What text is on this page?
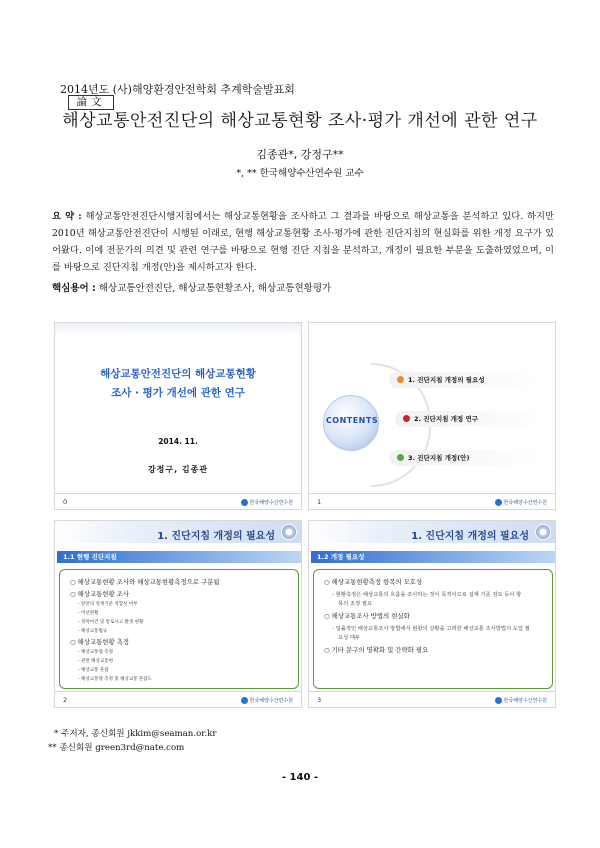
2014년도 (사)해양환경안전학회 추계학술발표회
論文
해상교통안전진단의 해상교통현황 조사·평가 개선에 관한 연구
김종관*, 강정구**
*, ** 한국해양수산연수원 교수
요 약 : 해상교통안전진단시행지침에서는 해상교통현황을 조사하고 그 결과를 바탕으로 해상교통을 분석하고 있다. 하지만 2010년 해상교통안전진단이 시행된 이래로, 현행 해상교통현황 조사·평가에 관한 진단지침의 현실화를 위한 개정 요구가 있어왔다. 이에 전문가의 의견 및 관련 연구를 바탕으로 현행 진단 지침을 분석하고, 개정이 필요한 부분을 도출하였었으며, 이를 바탕으로 진단지침 개정(안)을 제시하고자 한다.
핵심용어 : 해상교통안전진단, 해상교통현황조사, 해상교통현황평가
해상교통안전진단의 해상교통현황
조사 · 평가 개선에 관한 연구
2014. 11.
강정구, 김종관
0	한국해양수산연수원
CONTENTS
1. 진단지침 개정의 필요성
2. 진단지침 개정 연구
3. 진단지침 개정(안)
1	한국해양수산연수원
1. 진단지침 개정의 필요성
1.1 현행 진단지침
○ 해상교통현황 조사와 해상교통현황측정으로 구분됨
○ 해상교통현황 조사
- 항만의 설계기준 적합성 여부
- 어선현황
- 정박여건 및 항로사고 발생 현황
- 해상교통법규
○ 해상교통현황 측정
- 해상교통량 측정
- 관련 해상교통현
- 해상교통 혼잡
- 해상교통량 측정 및 해상교통 혼잡도
2	한국해양수산연수원
1. 진단지침 개정의 필요성
1.2 개정 필요성
○ 해상교통현황측정 항목의 모호성
- 현황측정은 해상교통의 흐름을 조사하는 것이 목적이므로 설계 기준 검토 등이 항
목의 조정 필요
○ 해상교통조사 방법의 현실화
- 일률적인 해상교통조사 방법에서 현항의 상황을 고려한 해상교통 조사방법의 도입 필
요성 대두
○ 기타 문구의 명확화 및 간략화 필요
3	한국해양수산연수원
* 주저자, 종신회원 jkkim@seaman.or.kr
** 종신회원 green3rd@nate.com
- 140 -
